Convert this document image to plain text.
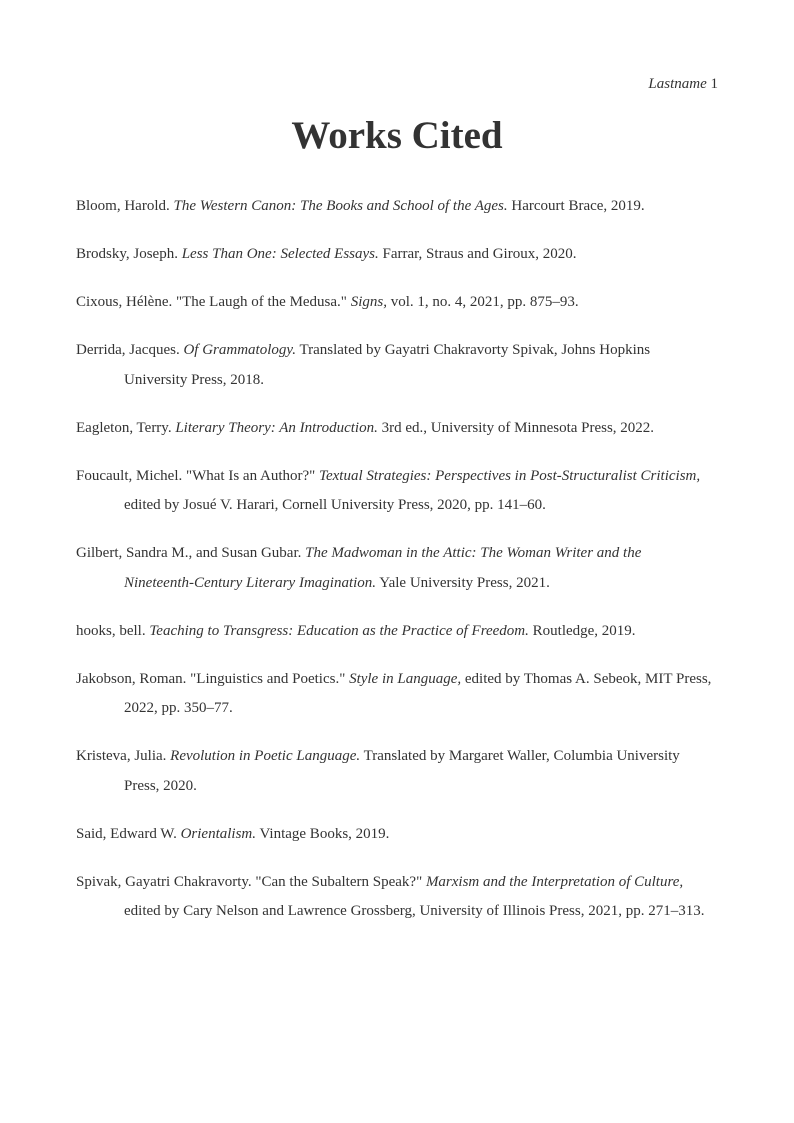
Lastname 1
Works Cited
Bloom, Harold. The Western Canon: The Books and School of the Ages. Harcourt Brace, 2019.
Brodsky, Joseph. Less Than One: Selected Essays. Farrar, Straus and Giroux, 2020.
Cixous, Hélène. "The Laugh of the Medusa." Signs, vol. 1, no. 4, 2021, pp. 875–93.
Derrida, Jacques. Of Grammatology. Translated by Gayatri Chakravorty Spivak, Johns Hopkins University Press, 2018.
Eagleton, Terry. Literary Theory: An Introduction. 3rd ed., University of Minnesota Press, 2022.
Foucault, Michel. "What Is an Author?" Textual Strategies: Perspectives in Post-Structuralist Criticism, edited by Josué V. Harari, Cornell University Press, 2020, pp. 141–60.
Gilbert, Sandra M., and Susan Gubar. The Madwoman in the Attic: The Woman Writer and the Nineteenth-Century Literary Imagination. Yale University Press, 2021.
hooks, bell. Teaching to Transgress: Education as the Practice of Freedom. Routledge, 2019.
Jakobson, Roman. "Linguistics and Poetics." Style in Language, edited by Thomas A. Sebeok, MIT Press, 2022, pp. 350–77.
Kristeva, Julia. Revolution in Poetic Language. Translated by Margaret Waller, Columbia University Press, 2020.
Said, Edward W. Orientalism. Vintage Books, 2019.
Spivak, Gayatri Chakravorty. "Can the Subaltern Speak?" Marxism and the Interpretation of Culture, edited by Cary Nelson and Lawrence Grossberg, University of Illinois Press, 2021, pp. 271–313.
